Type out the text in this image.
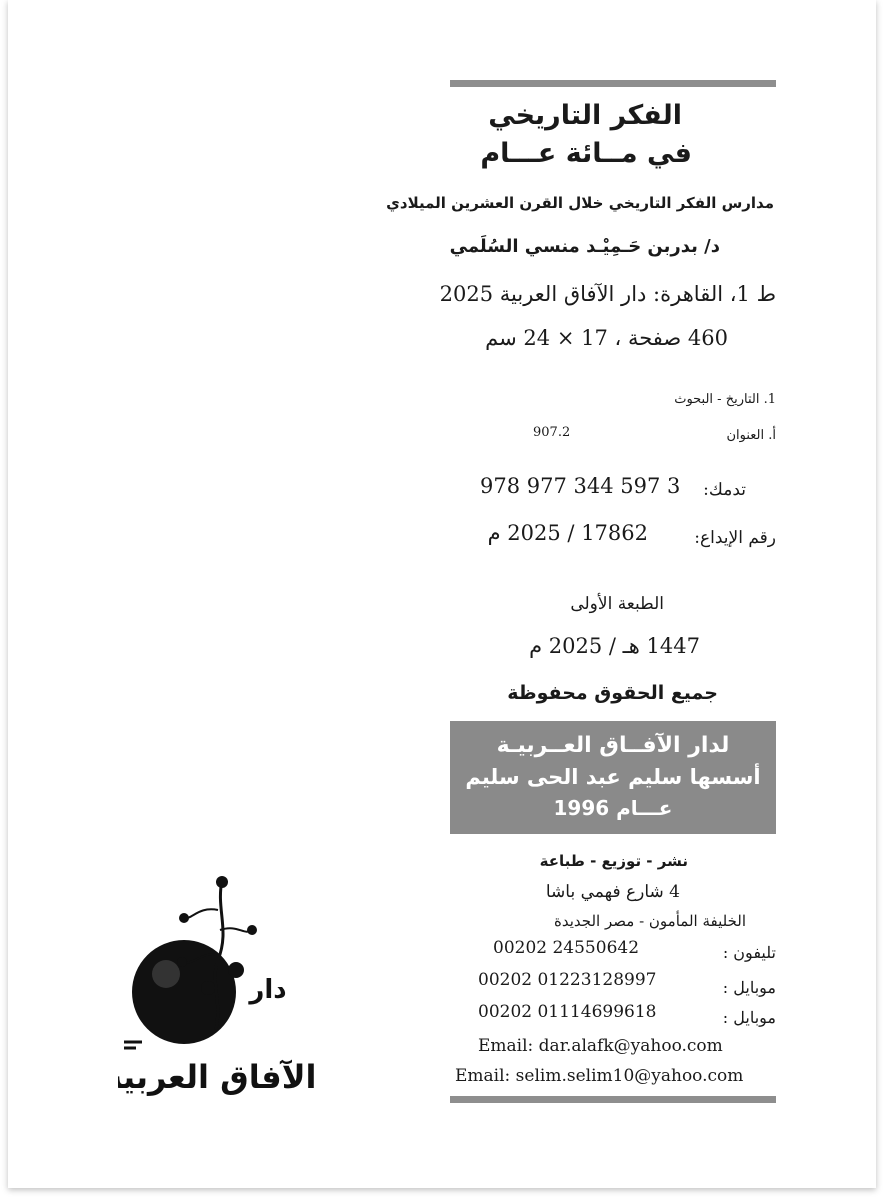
الفكر التاريخي
في مــائة عـــام
مدارس الفكر التاريخي خلال القرن العشرين الميلادي
د/ بدربن حَـمِيْـد منسي السُلَمي
ط 1، القاهرة: دار الآفاق العربية 2025
460 صفحة ، 17 × 24 سم
1. التاريخ - البحوث
أ. العنوان
907.2
تدمك:
978 977 344 597 3
رقم الإيداع:
17862 / 2025 م
الطبعة الأولى
1447 هـ / 2025 م
جميع الحقوق محفوظة
لدار الآفــاق العــربيـة
أسسها سليم عبد الحى سليم
عـــام 1996
نشر - توزيع - طباعة
4 شارع فهمي باشا
الخليفة المأمون - مصر الجديدة
تليفون :
00202 24550642
موبايل :
00202 01223128997
موبايل :
00202 01114699618
Email: dar.alafk@yahoo.com
Email: selim.selim10@yahoo.com
دار
الآفاق العربية
